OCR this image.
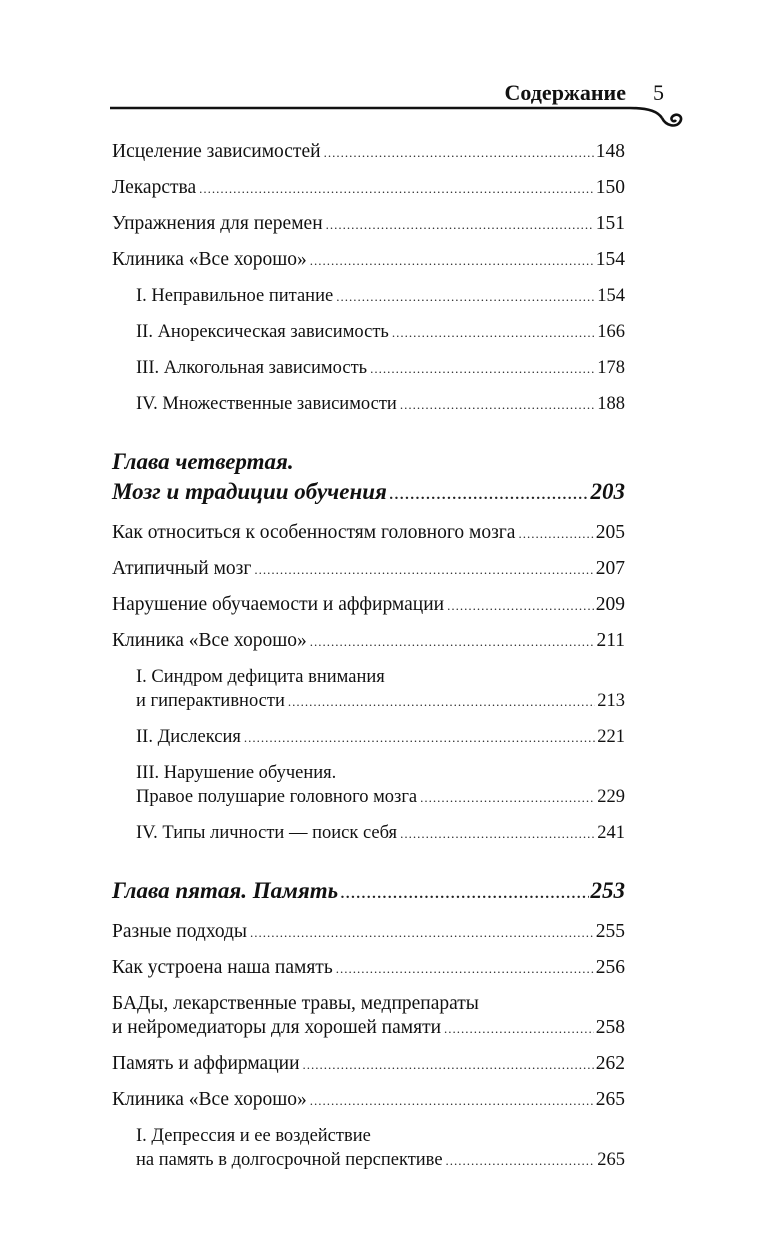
Содержание 5
Исцеление зависимостей .....	148
Лекарства .....	150
Упражнения для перемен .....	151
Клиника «Все хорошо» .....	154
I. Неправильное питание .....	154
II. Анорексическая зависимость .....	166
III. Алкогольная зависимость .....	178
IV. Множественные зависимости .....	188
Глава четвертая.
Мозг и традиции обучения .....	203
Как относиться к особенностям головного мозга .....	205
Атипичный мозг .....	207
Нарушение обучаемости и аффирмации .....	209
Клиника «Все хорошо» .....	211
I. Синдром дефицита внимания
и гиперактивности .....	213
II. Дислексия .....	221
III. Нарушение обучения.
Правое полушарие головного мозга .....	229
IV. Типы личности — поиск себя .....	241
Глава пятая. Память .....	253
Разные подходы .....	255
Как устроена наша память .....	256
БАДы, лекарственные травы, медпрепараты
и нейромедиаторы для хорошей памяти .....	258
Память и аффирмации .....	262
Клиника «Все хорошо» .....	265
I. Депрессия и ее воздействие
на память в долгосрочной перспективе .....	265
